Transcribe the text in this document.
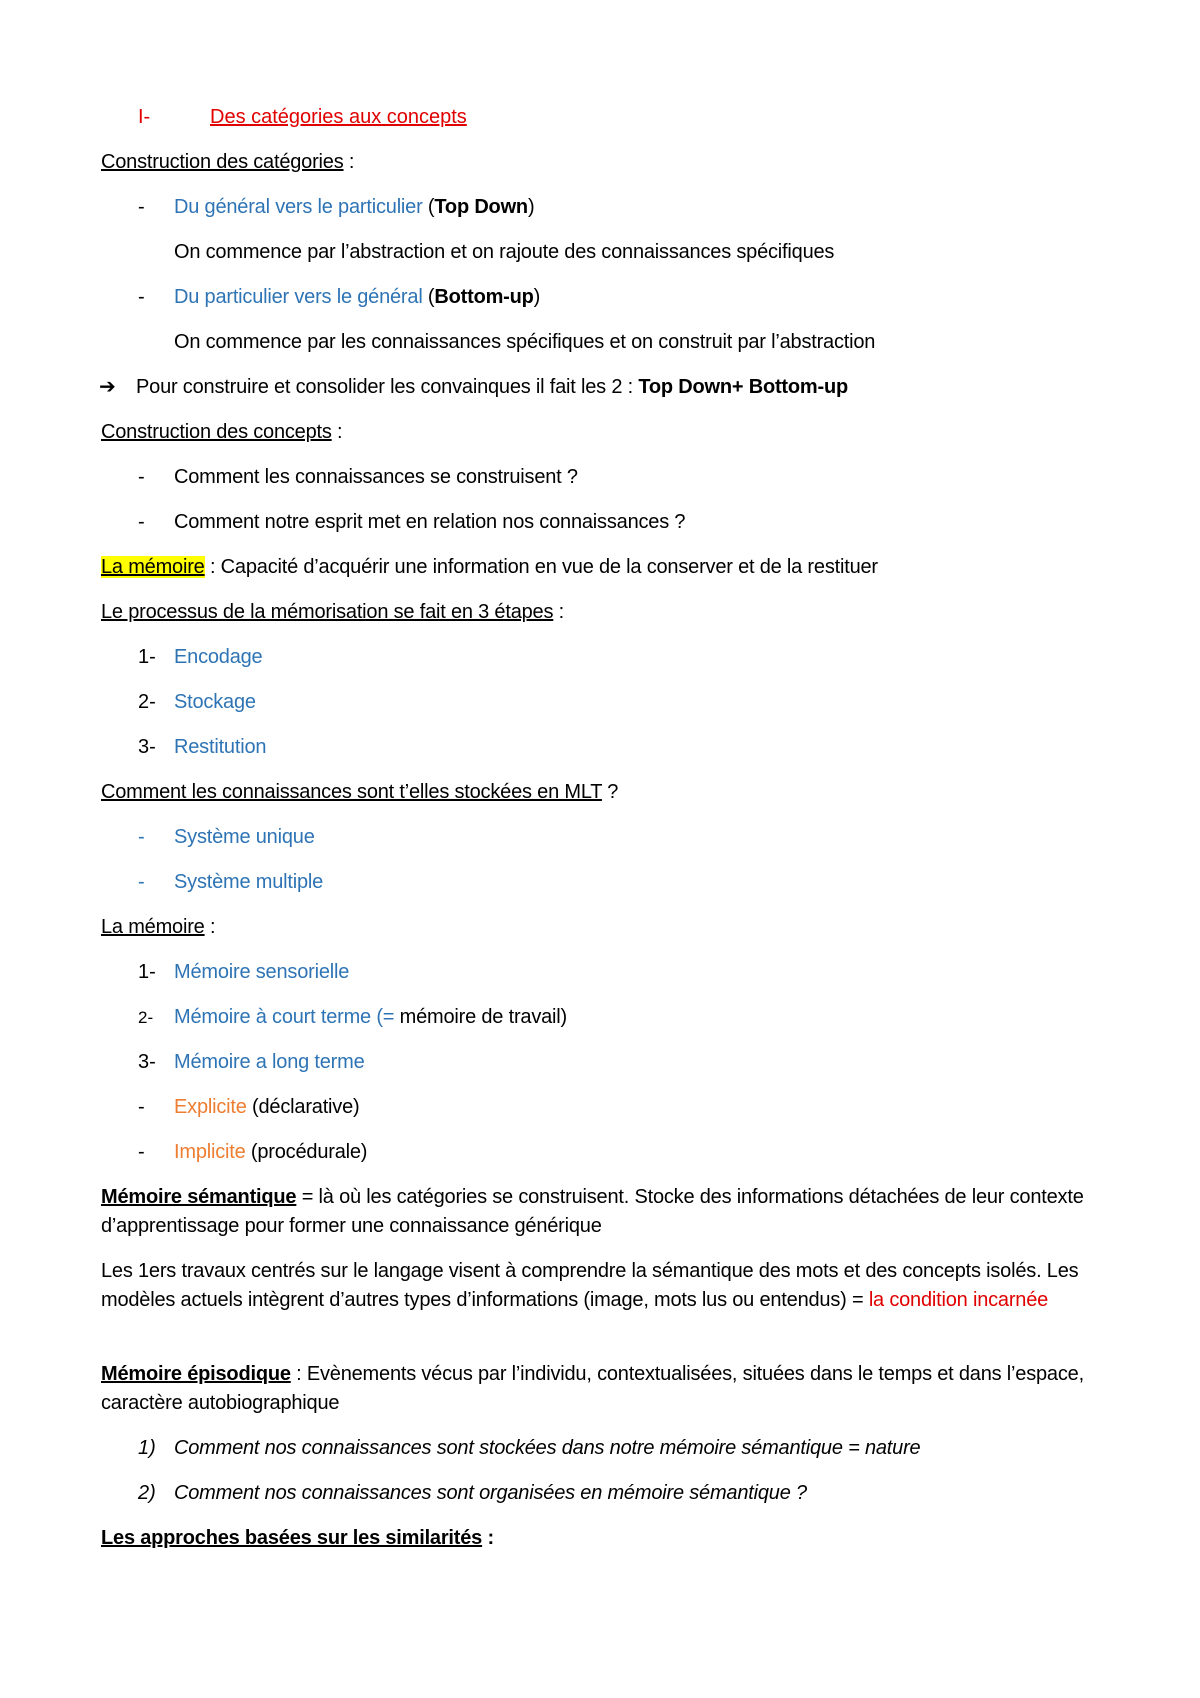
I-	Des catégories aux concepts
Construction des catégories :
-	Du général vers le particulier (Top Down)
On commence par l’abstraction et on rajoute des connaissances spécifiques
-	Du particulier vers le général (Bottom-up)
On commence par les connaissances spécifiques et on construit par l’abstraction
➔ Pour construire et consolider les convainques il fait les 2 : Top Down+ Bottom-up
Construction des concepts :
-	Comment les connaissances se construisent ?
-	Comment notre esprit met en relation nos connaissances ?
La mémoire : Capacité d’acquérir une information en vue de la conserver et de la restituer
Le processus de la mémorisation se fait en 3 étapes :
1- Encodage
2- Stockage
3- Restitution
Comment les connaissances sont t’elles stockées en MLT ?
-	Système unique
-	Système multiple
La mémoire :
1- Mémoire sensorielle
2-	Mémoire à court terme (= mémoire de travail)
3- Mémoire a long terme
-	Explicite (déclarative)
-	Implicite (procédurale)
Mémoire sémantique = là où les catégories se construisent. Stocke des informations détachées de leur contexte d’apprentissage pour former une connaissance générique
Les 1ers travaux centrés sur le langage visent à comprendre la sémantique des mots et des concepts isolés. Les modèles actuels intègrent d’autres types d’informations (image, mots lus ou entendus) = la condition incarnée
Mémoire épisodique : Evènements vécus par l’individu, contextualisées, situées dans le temps et dans l’espace, caractère autobiographique
1) Comment nos connaissances sont stockées dans notre mémoire sémantique = nature
2) Comment nos connaissances sont organisées en mémoire sémantique ?
Les approches basées sur les similarités :
